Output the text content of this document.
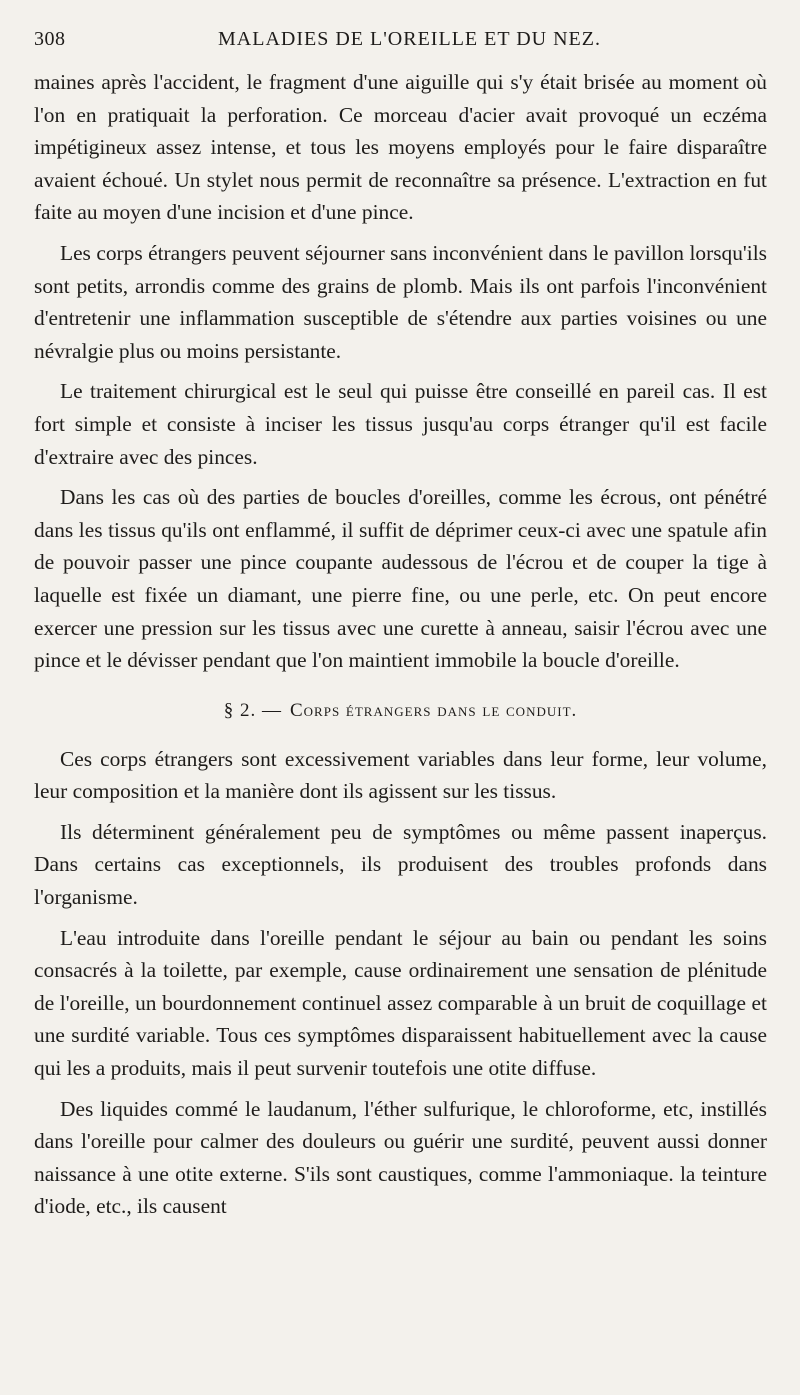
308	MALADIES DE L'OREILLE ET DU NEZ.

maines après l'accident, le fragment d'une aiguille qui s'y était brisée au moment où l'on en pratiquait la perforation. Ce morceau d'acier avait provoqué un eczéma impétigineux assez intense, et tous les moyens employés pour le faire disparaître avaient échoué. Un stylet nous permit de reconnaître sa présence. L'extraction en fut faite au moyen d'une incision et d'une pince.

Les corps étrangers peuvent séjourner sans inconvénient dans le pavillon lorsqu'ils sont petits, arrondis comme des grains de plomb. Mais ils ont parfois l'inconvénient d'entretenir une inflammation susceptible de s'étendre aux parties voisines ou une névralgie plus ou moins persistante.

Le traitement chirurgical est le seul qui puisse être conseillé en pareil cas. Il est fort simple et consiste à inciser les tissus jusqu'au corps étranger qu'il est facile d'extraire avec des pinces.

Dans les cas où des parties de boucles d'oreilles, comme les écrous, ont pénétré dans les tissus qu'ils ont enflammé, il suffit de déprimer ceux-ci avec une spatule afin de pouvoir passer une pince coupante audessous de l'écrou et de couper la tige à laquelle est fixée un diamant, une pierre fine, ou une perle, etc. On peut encore exercer une pression sur les tissus avec une curette à anneau, saisir l'écrou avec une pince et le dévisser pendant que l'on maintient immobile la boucle d'oreille.

§ 2. — Corps étrangers dans le conduit.

Ces corps étrangers sont excessivement variables dans leur forme, leur volume, leur composition et la manière dont ils agissent sur les tissus.

Ils déterminent généralement peu de symptômes ou même passent inaperçus. Dans certains cas exceptionnels, ils produisent des troubles profonds dans l'organisme.

L'eau introduite dans l'oreille pendant le séjour au bain ou pendant les soins consacrés à la toilette, par exemple, cause ordinairement une sensation de plénitude de l'oreille, un bourdonnement continuel assez comparable à un bruit de coquillage et une surdité variable. Tous ces symptômes disparaissent habituellement avec la cause qui les a produits, mais il peut survenir toutefois une otite diffuse.

Des liquides commé le laudanum, l'éther sulfurique, le chloroforme, etc, instillés dans l'oreille pour calmer des douleurs ou guérir une surdité, peuvent aussi donner naissance à une otite externe. S'ils sont caustiques, comme l'ammoniaque. la teinture d'iode, etc., ils causent
